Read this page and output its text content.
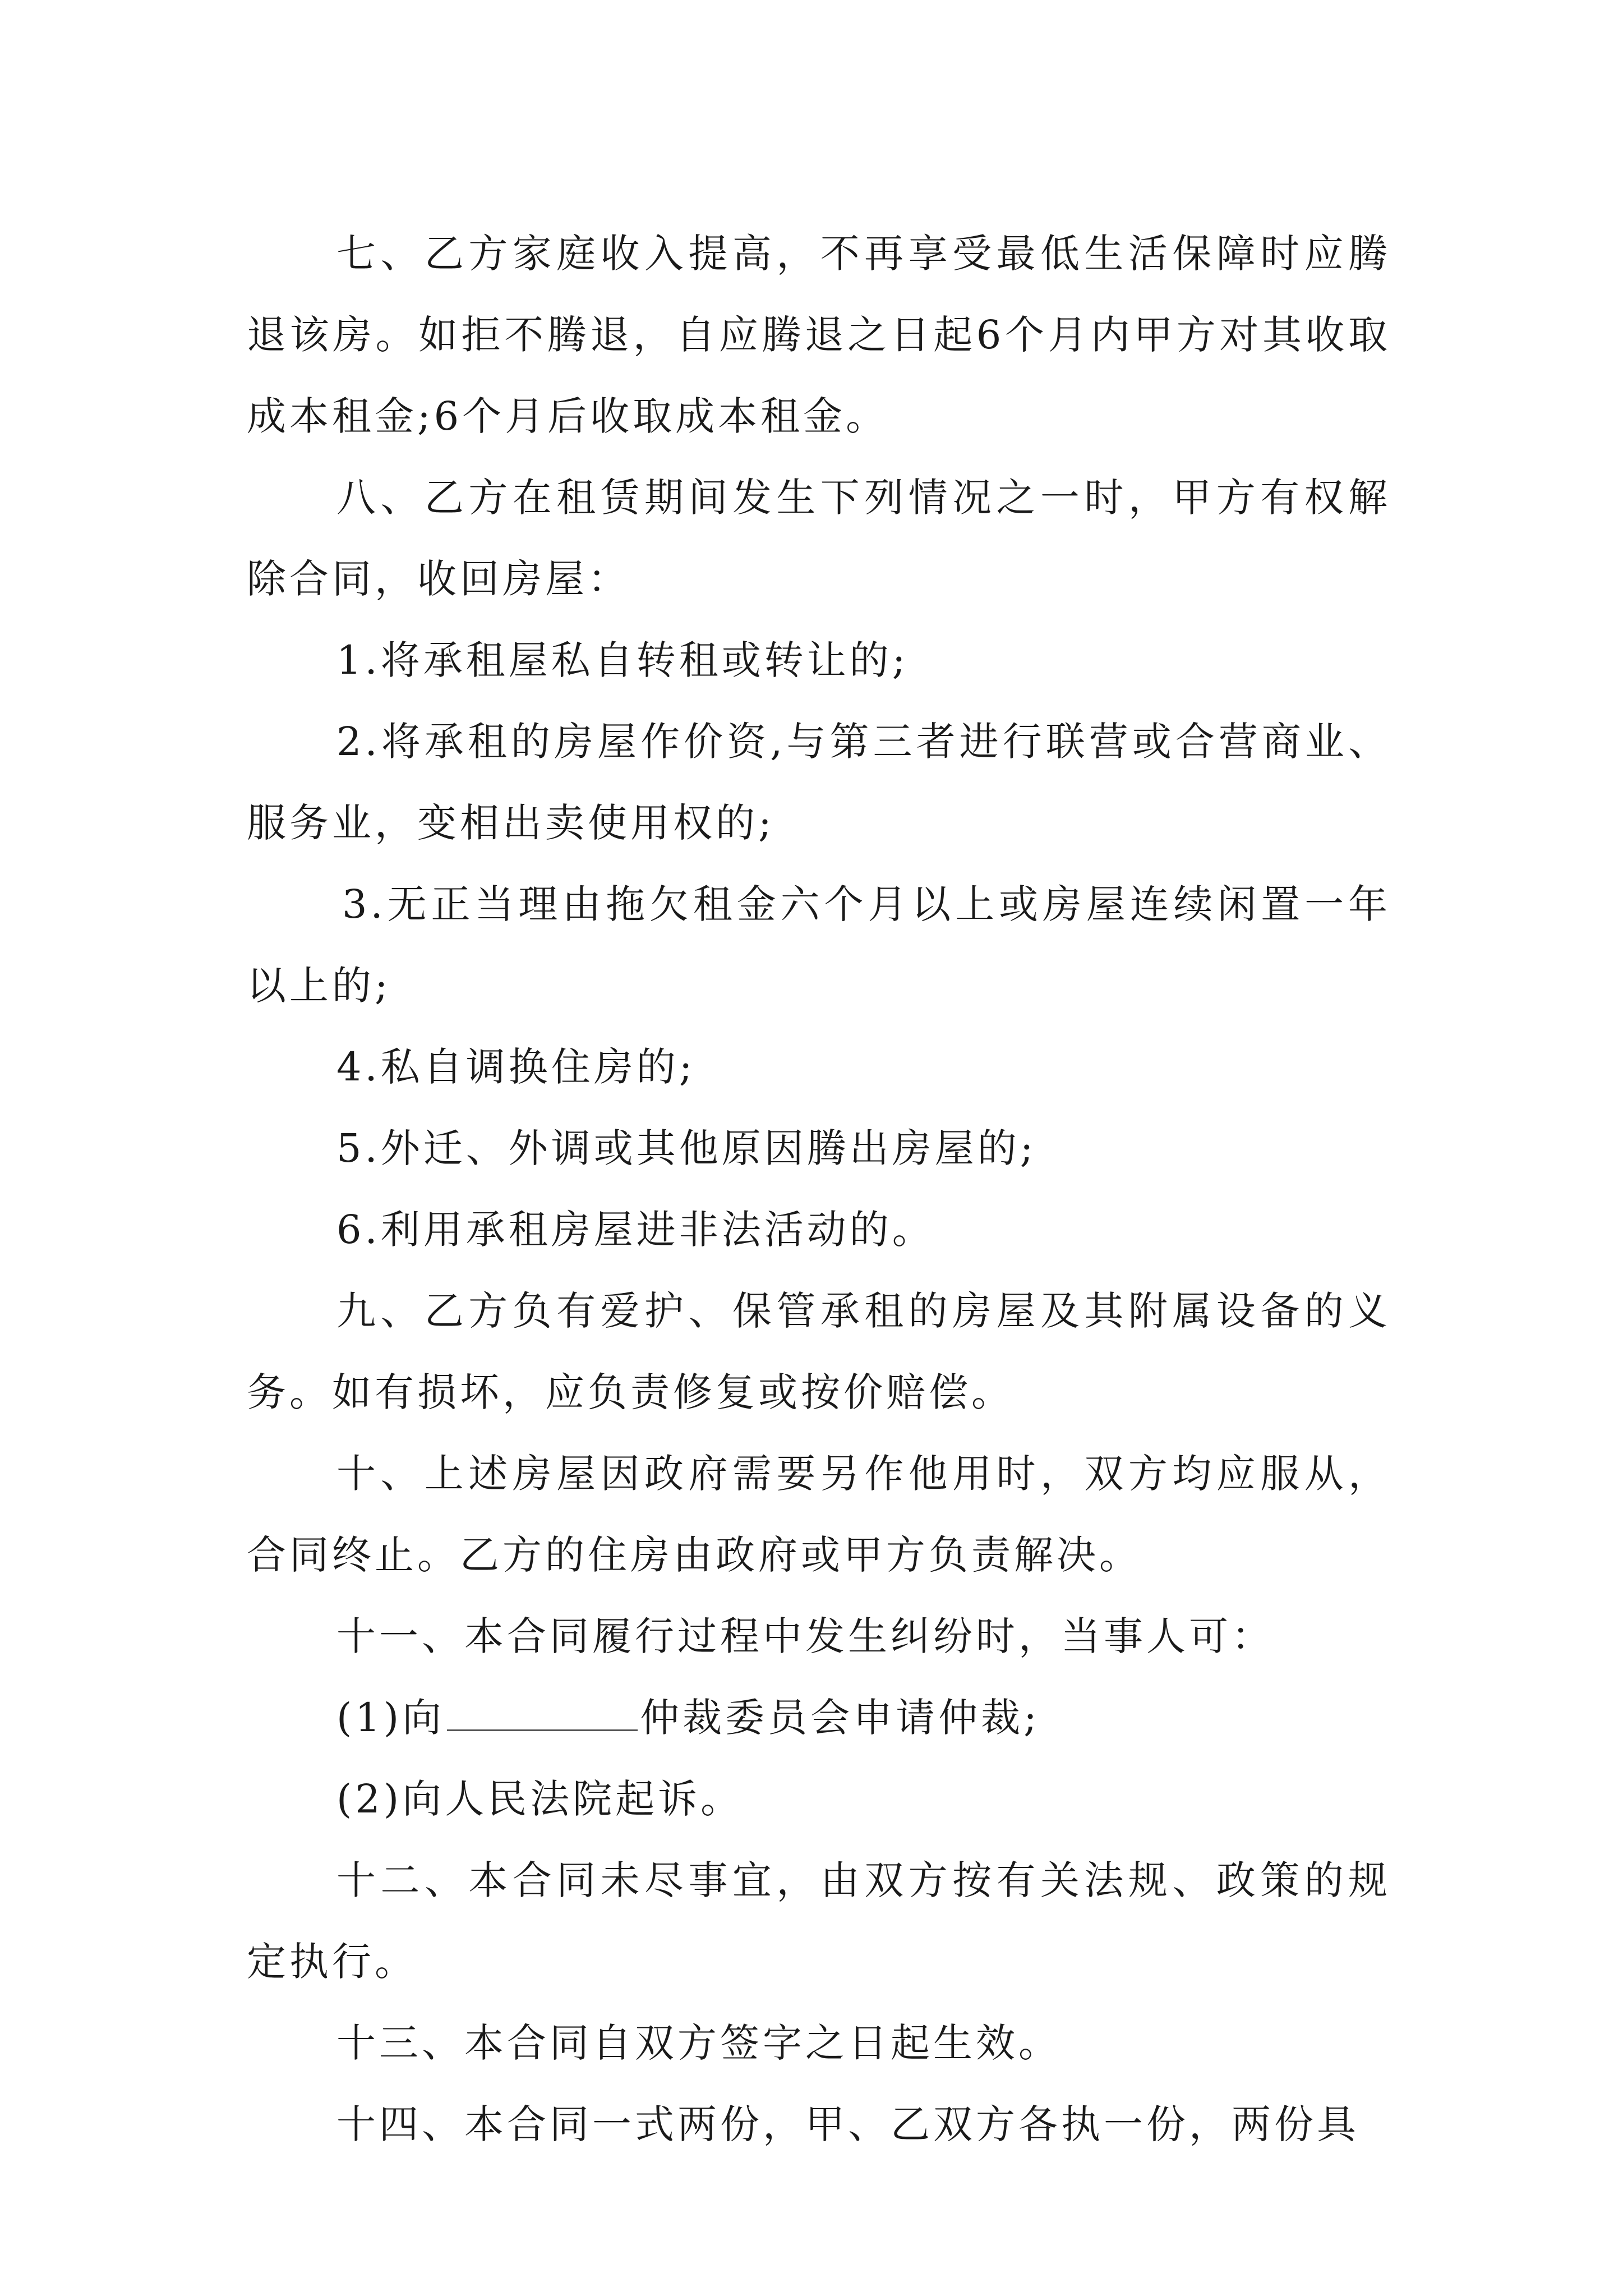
七、乙方家庭收入提高，不再享受最低生活保障时应腾退该房。如拒不腾退，自应腾退之日起6个月内甲方对其收取成本租金;6个月后收取成本租金。

八、乙方在租赁期间发生下列情况之一时，甲方有权解除合同，收回房屋：

1.将承租屋私自转租或转让的;

2.将承租的房屋作价资,与第三者进行联营或合营商业、服务业，变相出卖使用权的;

3.无正当理由拖欠租金六个月以上或房屋连续闲置一年以上的;

4.私自调换住房的;

5.外迁、外调或其他原因腾出房屋的;

6.利用承租房屋进非法活动的。

九、乙方负有爱护、保管承租的房屋及其附属设备的义务。如有损坏，应负责修复或按价赔偿。

十、上述房屋因政府需要另作他用时，双方均应服从，合同终止。乙方的住房由政府或甲方负责解决。

十一、本合同履行过程中发生纠纷时，当事人可：

(1)向	仲裁委员会申请仲裁;

(2)向人民法院起诉。

十二、本合同未尽事宜，由双方按有关法规、政策的规定执行。

十三、本合同自双方签字之日起生效。

十四、本合同一式两份，甲、乙双方各执一份，两份具
